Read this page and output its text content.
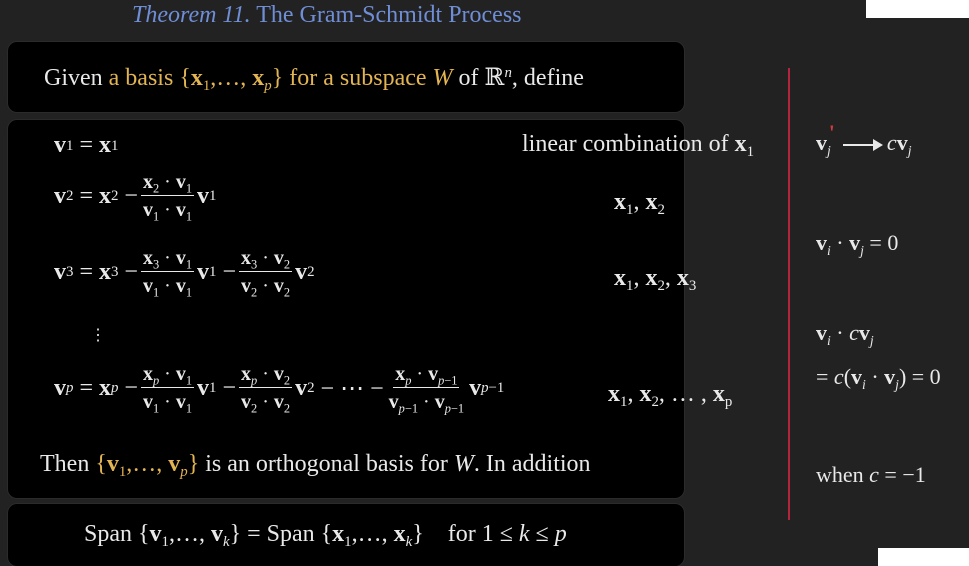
Theorem 11. The Gram-Schmidt Process
Given a basis {$x_1,\dots$, $x_p$} for a subspace W of ℝ$^n$, define
v 1 = x 1	linear combination of $x_1$
v 2 = x $2 - \frac{x_2 \cdot v_1}{v_1 \cdot v_1}$ v 1	$x_1$, $x_2$
v 3 = x $3 - \frac{x_3 \cdot v_1}{v_1 \cdot v_1}$ v $1 - \frac{x_3 \cdot v_2}{v_2 \cdot v_2}$ v 2	$x_1$, $x_2$, $x_3$
⋮
v p = x $p - \frac{x_p \cdot v_1}{v_1 \cdot v_1}$ v $1 - \frac{x_p \cdot v_2}{v_2 \cdot v_2}$ v 2 − ⋯ − $\frac{x_p \cdot v_{p-1}}{v_{p-1} \cdot v_{p-1}}$ v p−1	$x_1$, $x_2$, … , $x_p$
Then {$v_1,\dots$, $v_p$} is an orthogonal basis for W. In addition
Span {$v_1,\dots$, $v_k$} = Span {$x_1,\dots$, $x_k$}    for 1 ≤ k ≤ p
$v_j'$ $cv_j$
$v_i \cdot v_j = 0$
$v_i \cdot cv_j$
= $c(v_i \cdot v_j) = 0$
when c = −1
